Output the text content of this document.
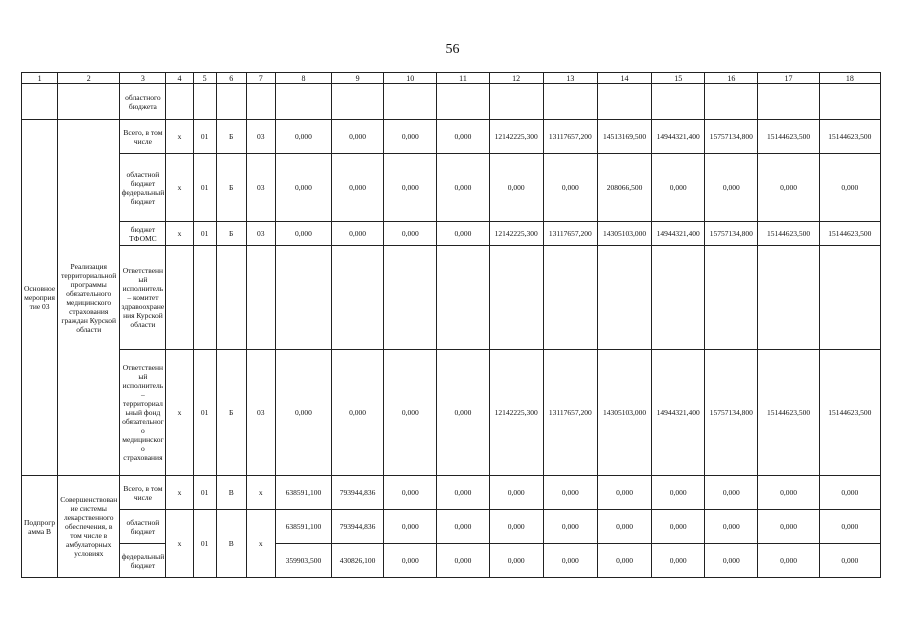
56
1	2	3	4	5	6	7	8	9	10	11	12	13	14	15	16	17	18
		областного бюджета															
Основное мероприятие 03	Реализация территориальной программы обязательного медицинского страхования граждан Курской области	Всего, в том числе	х	01	Б	03	0,000	0,000	0,000	0,000	12142225,300	13117657,200	14513169,500	14944321,400	15757134,800	15144623,500	15144623,500
		областной бюджет федеральный бюджет	х	01	Б	03	0,000	0,000	0,000	0,000	0,000	0,000	208066,500	0,000	0,000	0,000	0,000
		бюджет ТФОМС	х	01	Б	03	0,000	0,000	0,000	0,000	12142225,300	13117657,200	14305103,000	14944321,400	15757134,800	15144623,500	15144623,500
		Ответственный исполнитель – комитет здравоохранения Курской области															
		Ответственный исполнитель – территориальный фонд обязательного медицинского страхования	х	01	Б	03	0,000	0,000	0,000	0,000	12142225,300	13117657,200	14305103,000	14944321,400	15757134,800	15144623,500	15144623,500
Подпрограмма В	Совершенствование системы лекарственного обеспечения, в том числе в амбулаторных условиях	Всего, в том числе	х	01	В	х	638591,100	793944,836	0,000	0,000	0,000	0,000	0,000	0,000	0,000	0,000	0,000
		областной бюджет	х	01	В	х	638591,100	793944,836	0,000	0,000	0,000	0,000	0,000	0,000	0,000	0,000	0,000
		федеральный бюджет					359903,500	430826,100	0,000	0,000	0,000	0,000	0,000	0,000	0,000	0,000	0,000
